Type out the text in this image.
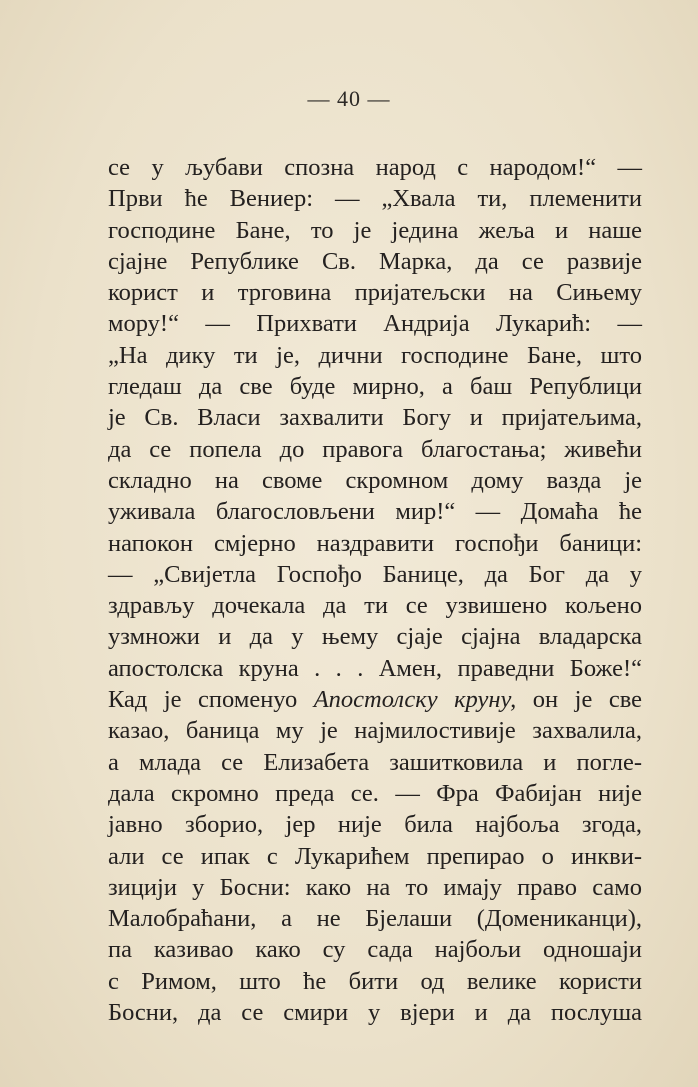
— 40 —
се у љубави спозна народ с народом!“ —
Први ће Вениер: — „Хвала ти, племенити
господине Бане, то је једина жеља и наше
сјајне Републике Св. Марка, да се развије
корист и трговина пријатељски на Сињему
мору!“ — Прихвати Андрија Лукарић: —
„На дику ти је, дични господине Бане, што
гледаш да све буде мирно, а баш Републици
је Св. Власи захвалити Богу и пријатељима,
да се попела до правога благостања; живећи
складно на своме скромном дому вазда је
уживала благословљени мир!“ — Домаћа ће
напокон смјерно наздравити госпођи баници:
— „Свијетла Госпођо Банице, да Бог да у
здрављу дочекала да ти се узвишено кољено
узмножи и да у њему сјаје сјајна владарска
апостолска круна . . . Амен, праведни Боже!“
Кад је споменуо Апостолску круну, он је све
казао, баница му је најмилостивије захвалила,
а млада се Елизабета зашитковила и погле-
дала скромно преда се. — Фра Фабијан није
јавно зборио, јер није била најбоља згода,
али се ипак с Лукарићем препирао о инкви-
зицији у Босни: како на то имају право само
Малобраћани, а не Бјелаши (Домениканци),
па казивао како су сада најбољи одношаји
с Римом, што ће бити од велике користи
Босни, да се смири у вјери и да послуша
